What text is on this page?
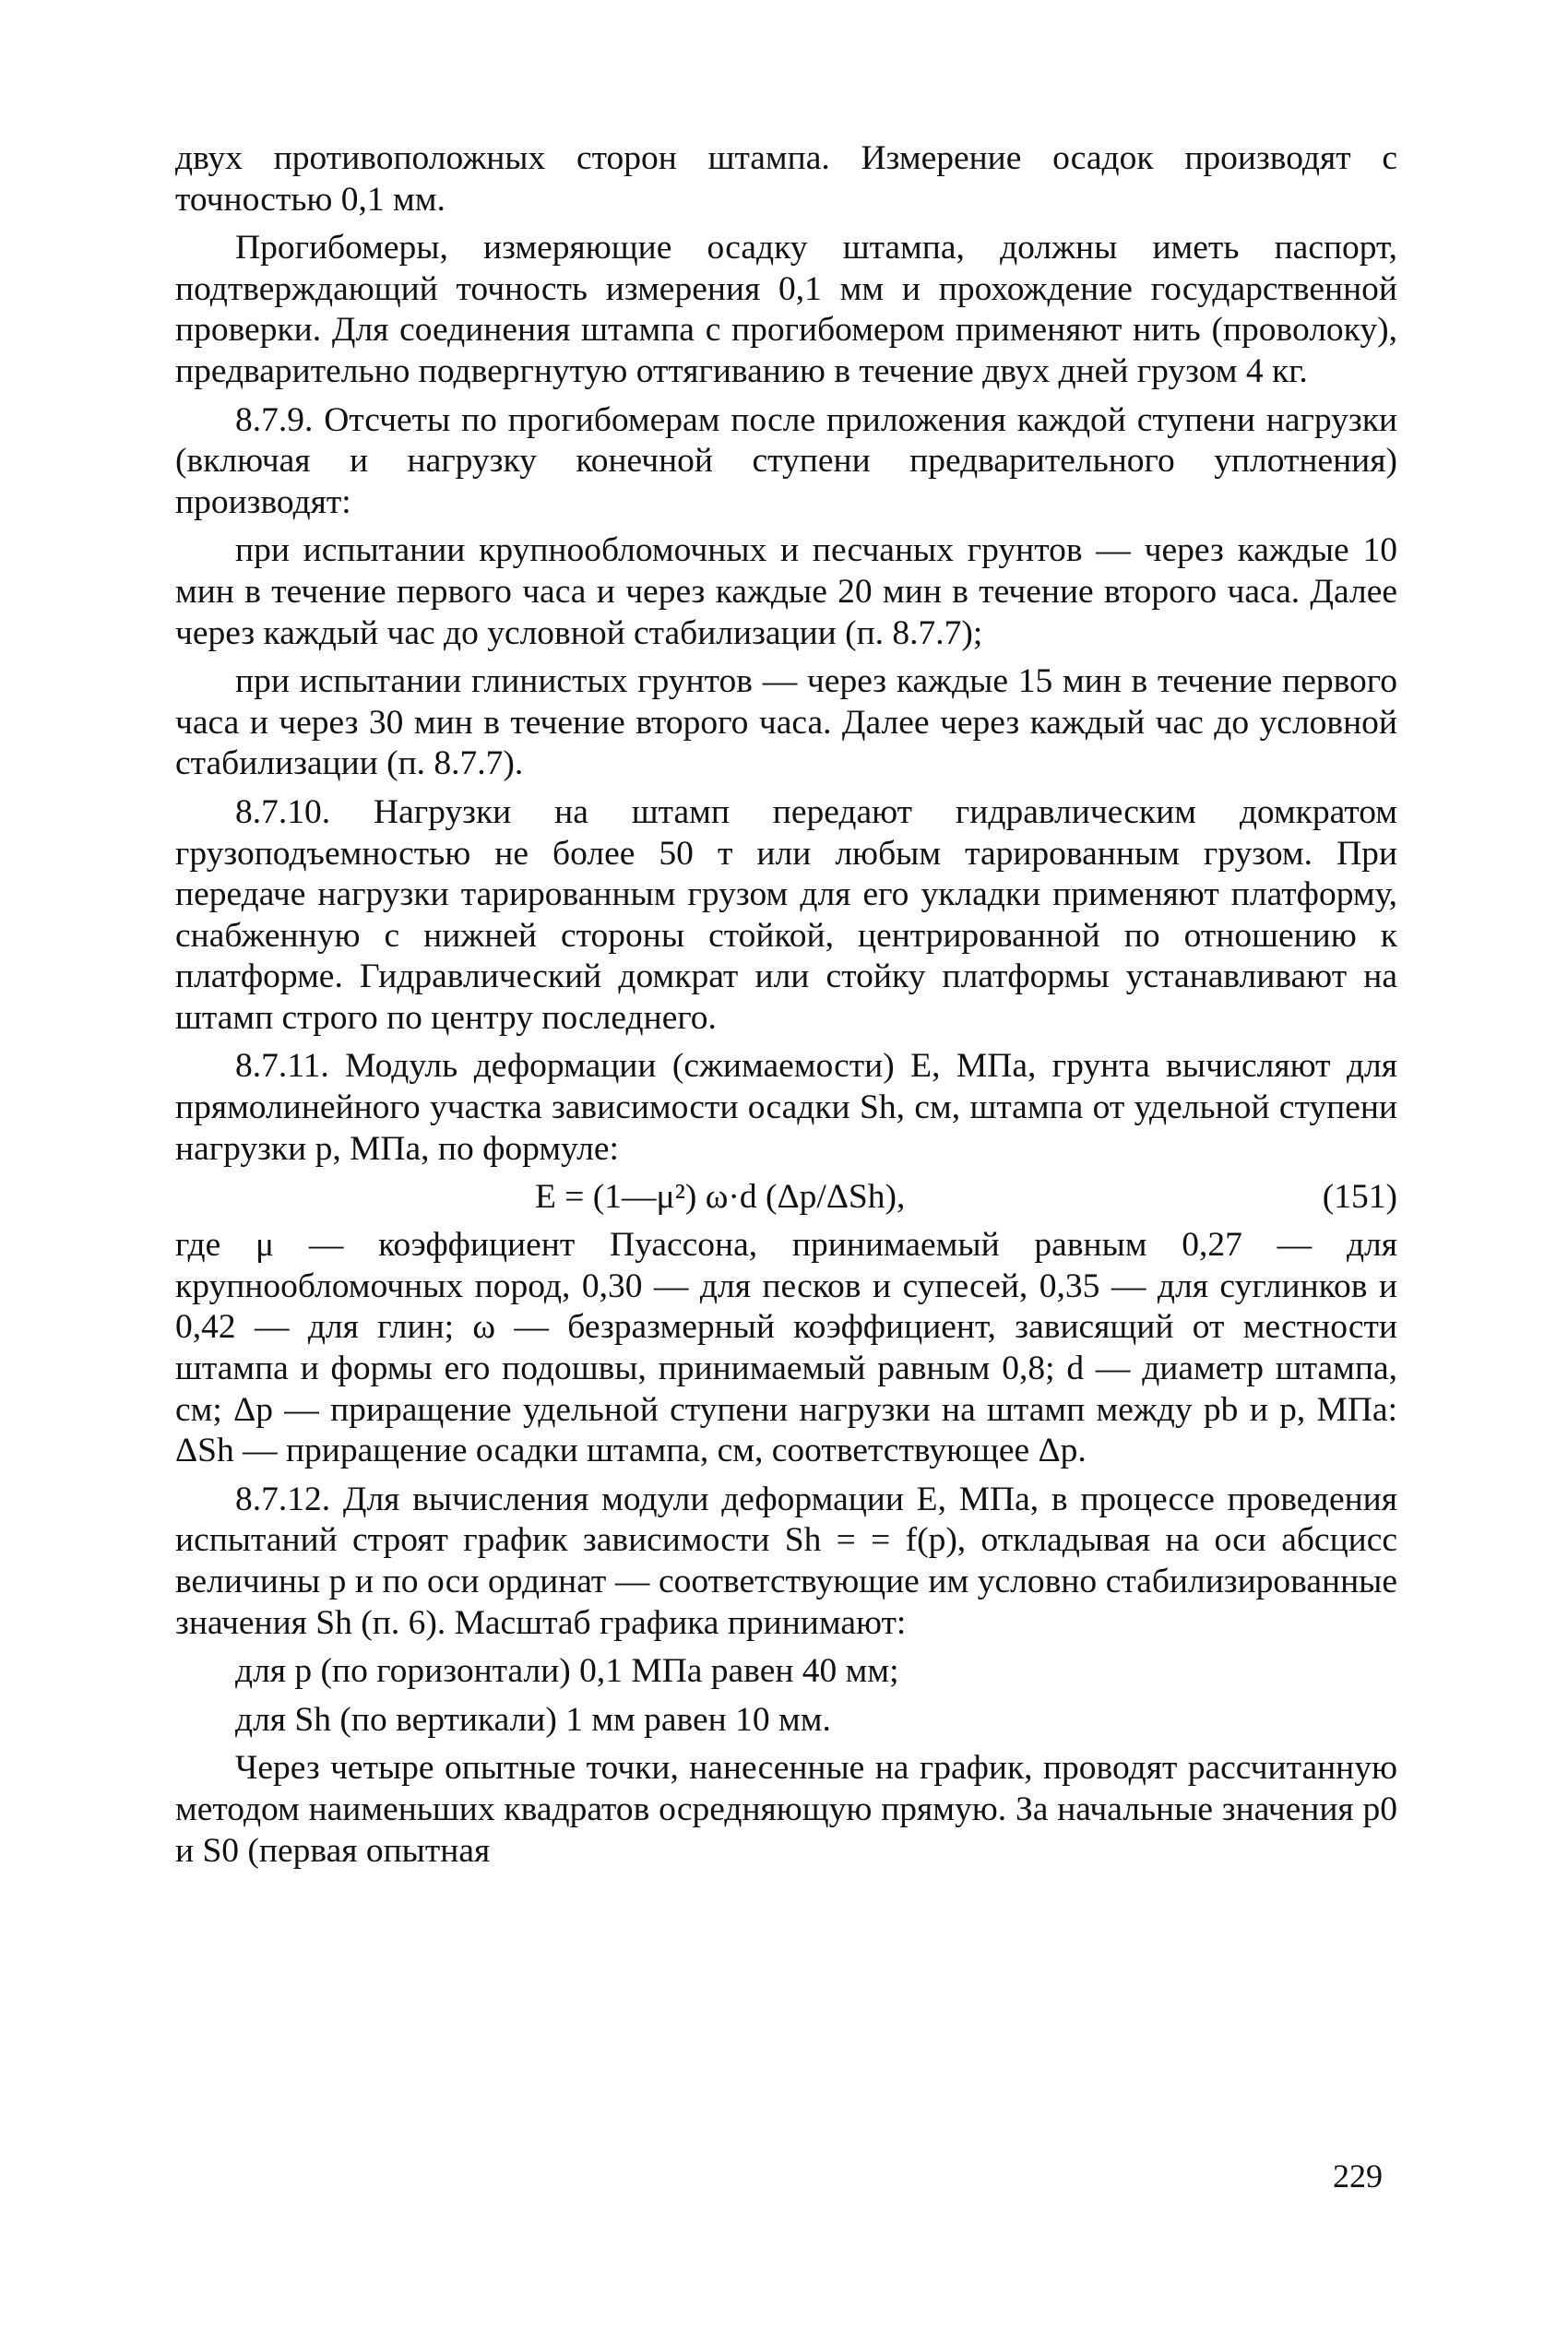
двух противоположных сторон штампа. Измерение осадок производят с точностью 0,1 мм.

Прогибомеры, измеряющие осадку штампа, должны иметь паспорт, подтверждающий точность измерения 0,1 мм и прохождение государственной проверки. Для соединения штампа с прогибомером применяют нить (проволоку), предварительно подвергнутую оттягиванию в течение двух дней грузом 4 кг.

8.7.9. Отсчеты по прогибомерам после приложения каждой ступени нагрузки (включая и нагрузку конечной ступени предварительного уплотнения) производят:

при испытании крупнообломочных и песчаных грунтов — через каждые 10 мин в течение первого часа и через каждые 20 мин в течение второго часа. Далее через каждый час до условной стабилизации (п. 8.7.7);

при испытании глинистых грунтов — через каждые 15 мин в течение первого часа и через 30 мин в течение второго часа. Далее через каждый час до условной стабилизации (п. 8.7.7).

8.7.10. Нагрузки на штамп передают гидравлическим домкратом грузоподъемностью не более 50 т или любым тарированным грузом. При передаче нагрузки тарированным грузом для его укладки применяют платформу, снабженную с нижней стороны стойкой, центрированной по отношению к платформе. Гидравлический домкрат или стойку платформы устанавливают на штамп строго по центру последнего.

8.7.11. Модуль деформации (сжимаемости) E, МПа, грунта вычисляют для прямолинейного участка зависимости осадки Sh, см, штампа от удельной ступени нагрузки p, МПа, по формуле:

E = (1—μ²) ω·d (Δp/ΔSh),	(151)

где μ — коэффициент Пуассона, принимаемый равным 0,27 — для крупнообломочных пород, 0,30 — для песков и супесей, 0,35 — для суглинков и 0,42 — для глин; ω — безразмерный коэффициент, зависящий от местности штампа и формы его подошвы, принимаемый равным 0,8; d — диаметр штампа, см; Δp — приращение удельной ступени нагрузки на штамп между pb и p, МПа: ΔSh — приращение осадки штампа, см, соответствующее Δp.

8.7.12. Для вычисления модули деформации E, МПа, в процессе проведения испытаний строят график зависимости Sh = = f(p), откладывая на оси абсцисс величины p и по оси ординат — соответствующие им условно стабилизированные значения Sh (п. 6). Масштаб графика принимают:

для p (по горизонтали) 0,1 МПа равен 40 мм;

для Sh (по вертикали) 1 мм равен 10 мм.

Через четыре опытные точки, нанесенные на график, проводят рассчитанную методом наименьших квадратов осредняющую прямую. За начальные значения p0 и S0 (первая опытная

229
